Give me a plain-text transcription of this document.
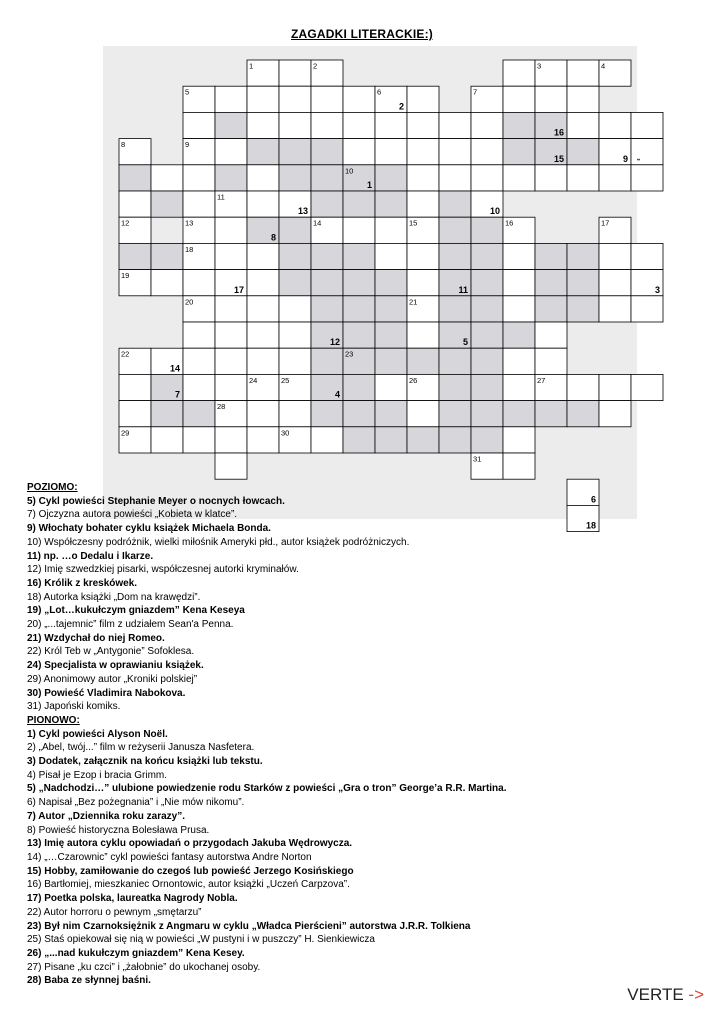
ZAGADKI LITERACKIE:)
1	2	3	4
5	6	7
8	9
10
11
12	13	14	15	16	17
18
19
20	21
22	23
24	25	26	27
28
29	30
31
2
16
15	9
1
13	10
8
17	11	3
12	5
14
4
7
6
18
POZIOMO:
5) Cykl powieści Stephanie Meyer o nocnych łowcach.
7) Ojczyzna autora powieści „Kobieta w klatce”.
9) Włochaty bohater cyklu książek Michaela Bonda.
10) Współczesny podróżnik, wielki miłośnik Ameryki płd., autor książek podróżniczych.
11) np. …o Dedalu i Ikarze.
12) Imię szwedzkiej pisarki, współczesnej autorki kryminałów.
16) Królik z kreskówek.
18) Autorka książki „Dom na krawędzi”.
19) „Lot…kukułczym gniazdem” Kena Keseya
20) „...tajemnic” film z udziałem Sean'a Penna.
21) Wzdychał do niej Romeo.
22) Król Teb w „Antygonie” Sofoklesa.
24) Specjalista w oprawianiu książek.
29) Anonimowy autor „Kroniki polskiej”
30) Powieść Vladimira Nabokova.
31) Japoński komiks.
PIONOWO:
1) Cykl powieści Alyson Noël.
2) „Abel, twój...” film w reżyserii Janusza Nasfetera.
3) Dodatek, załącznik na końcu książki lub tekstu.
4) Pisał je Ezop i bracia Grimm.
5) „Nadchodzi…” ulubione powiedzenie rodu Starków z powieści „Gra o tron” George’a R.R. Martina.
6) Napisał „Bez pożegnania” i „Nie mów nikomu”.
7) Autor „Dziennika roku zarazy”.
8) Powieść historyczna Bolesława Prusa.
13) Imię autora cyklu opowiadań o przygodach Jakuba Wędrowycza.
14) „…Czarownic” cykl powieści fantasy autorstwa Andre Norton
15) Hobby, zamiłowanie do czegoś lub powieść Jerzego Kosińskiego
16) Bartłomiej, mieszkaniec Ornontowic, autor książki „Uczeń Carpzova”.
17) Poetka polska, laureatka Nagrody Nobla.
22) Autor horroru o pewnym „smętarzu”
23) Był nim Czarnoksiężnik z Angmaru w cyklu „Władca Pierścieni” autorstwa J.R.R. Tolkiena
25) Staś opiekował się nią w powieści „W pustyni i w puszczy” H. Sienkiewicza
26) „...nad kukułczym gniazdem” Kena Kesey.
27) Pisane „ku czci” i „żałobnie” do ukochanej osoby.
28) Baba ze słynnej baśni.
VERTE ->
